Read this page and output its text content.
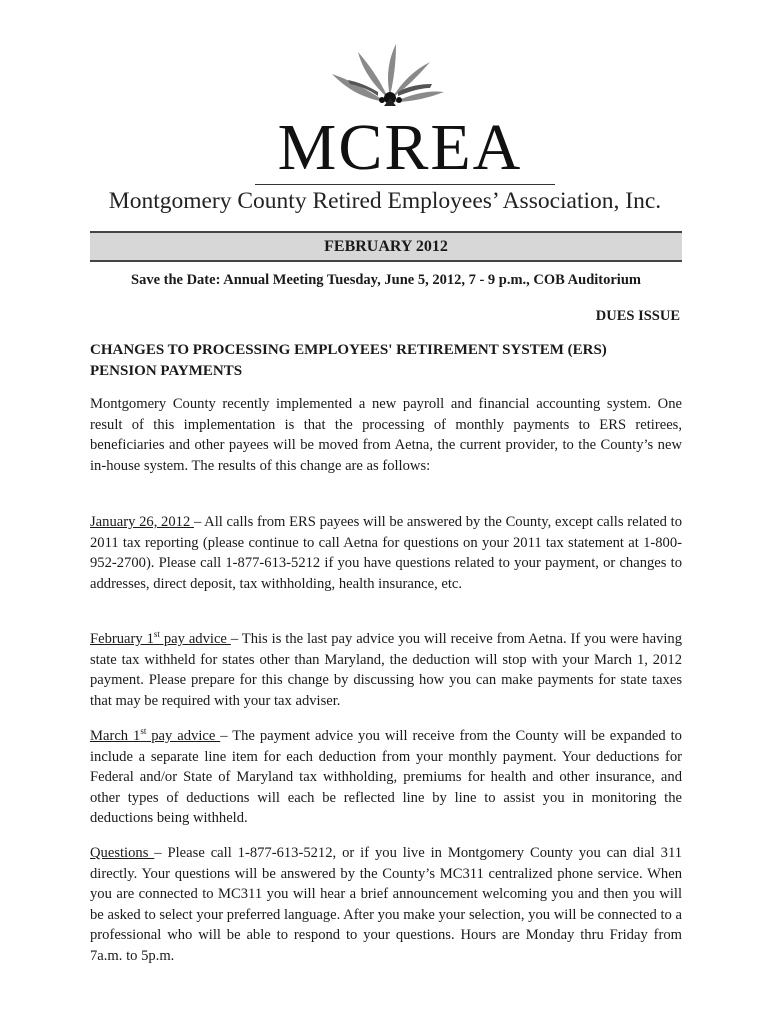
MCREA
Montgomery County Retired Employees’ Association, Inc.
FEBRUARY 2012
Save the Date: Annual Meeting Tuesday, June 5, 2012, 7 - 9 p.m., COB Auditorium
DUES ISSUE
CHANGES TO PROCESSING EMPLOYEES' RETIREMENT SYSTEM (ERS)
PENSION PAYMENTS

Montgomery County recently implemented a new payroll and financial accounting system. One result of this implementation is that the processing of monthly payments to ERS retirees, beneficiaries and other payees will be moved from Aetna, the current provider, to the County’s new in-house system. The results of this change are as follows:

January 26, 2012 – All calls from ERS payees will be answered by the County, except calls related to 2011 tax reporting (please continue to call Aetna for questions on your 2011 tax statement at 1-800-952-2700). Please call 1-877-613-5212 if you have questions related to your payment, or changes to addresses, direct deposit, tax withholding, health insurance, etc.

February 1st pay advice – This is the last pay advice you will receive from Aetna. If you were having state tax withheld for states other than Maryland, the deduction will stop with your March 1, 2012 payment. Please prepare for this change by discussing how you can make payments for state taxes that may be required with your tax adviser.

March 1st pay advice – The payment advice you will receive from the County will be expanded to include a separate line item for each deduction from your monthly payment. Your deductions for Federal and/or State of Maryland tax withholding, premiums for health and other insurance, and other types of deductions will each be reflected line by line to assist you in monitoring the deductions being withheld.

Questions – Please call 1-877-613-5212, or if you live in Montgomery County you can dial 311 directly. Your questions will be answered by the County’s MC311 centralized phone service. When you are connected to MC311 you will hear a brief announcement welcoming you and then you will be asked to select your preferred language. After you make your selection, you will be connected to a professional who will be able to respond to your questions. Hours are Monday thru Friday from 7a.m. to 5p.m.
